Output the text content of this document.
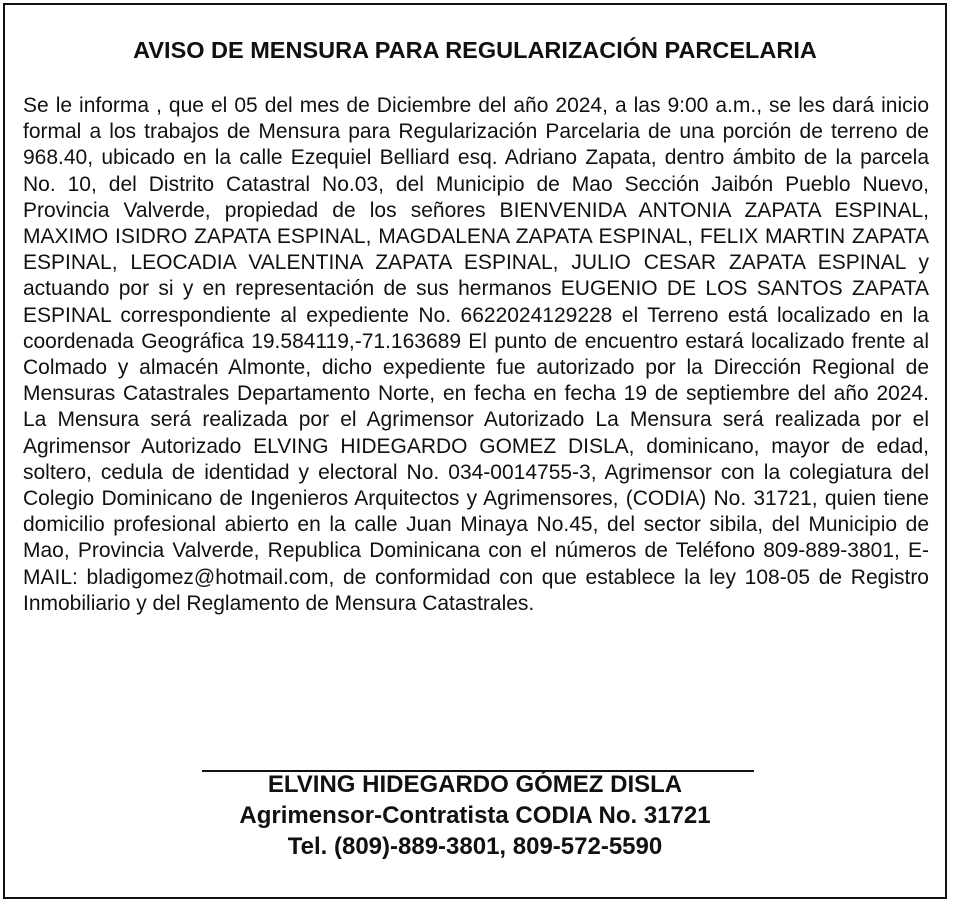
AVISO DE MENSURA PARA REGULARIZACIÓN PARCELARIA

Se le informa , que el 05 del mes de Diciembre del año 2024, a las 9:00 a.m., se les dará inicio formal a los trabajos de Mensura para Regularización Parcelaria de una porción de terreno de 968.40, ubicado en la calle Ezequiel Belliard esq. Adriano Zapata, dentro ámbito de la parcela No. 10, del Distrito Catastral No.03, del Municipio de Mao Sección Jaibón Pueblo Nuevo, Provincia Valverde, propiedad de los señores BIENVENIDA ANTONIA ZAPATA ESPINAL, MAXIMO ISIDRO ZAPATA ESPINAL, MAGDALENA ZAPATA ESPINAL, FELIX MARTIN ZAPATA ESPINAL, LEOCADIA VALENTINA ZAPATA ESPINAL, JULIO CESAR ZAPATA ESPINAL y actuando por si y en representación de sus hermanos EUGENIO DE LOS SANTOS ZAPATA ESPINAL correspondiente al expediente No. 6622024129228 el Terreno está localizado en la coordenada Geográfica 19.584119,-71.163689 El punto de encuentro estará localizado frente al Colmado y almacén Almonte, dicho expediente fue autorizado por la Dirección Regional de Mensuras Catastrales Departamento Norte, en fecha en fecha 19 de septiembre del año 2024. La Mensura será realizada por el Agrimensor Autorizado La Mensura será realizada por el Agrimensor Autorizado ELVING HIDEGARDO GOMEZ DISLA, dominicano, mayor de edad, soltero, cedula de identidad y electoral No. 034-0014755-3, Agrimensor con la colegiatura del Colegio Dominicano de Ingenieros Arquitectos y Agrimensores, (CODIA) No. 31721, quien tiene domicilio profesional abierto en la calle Juan Minaya No.45, del sector sibila, del Municipio de Mao, Provincia Valverde, Republica Dominicana con el números de Teléfono 809-889-3801, E-MAIL: bladigomez@hotmail.com, de conformidad con que establece la ley 108-05 de Registro Inmobiliario y del Reglamento de Mensura Catastrales.

ELVING HIDEGARDO GÓMEZ DISLA
Agrimensor-Contratista CODIA No. 31721
Tel. (809)-889-3801, 809-572-5590
